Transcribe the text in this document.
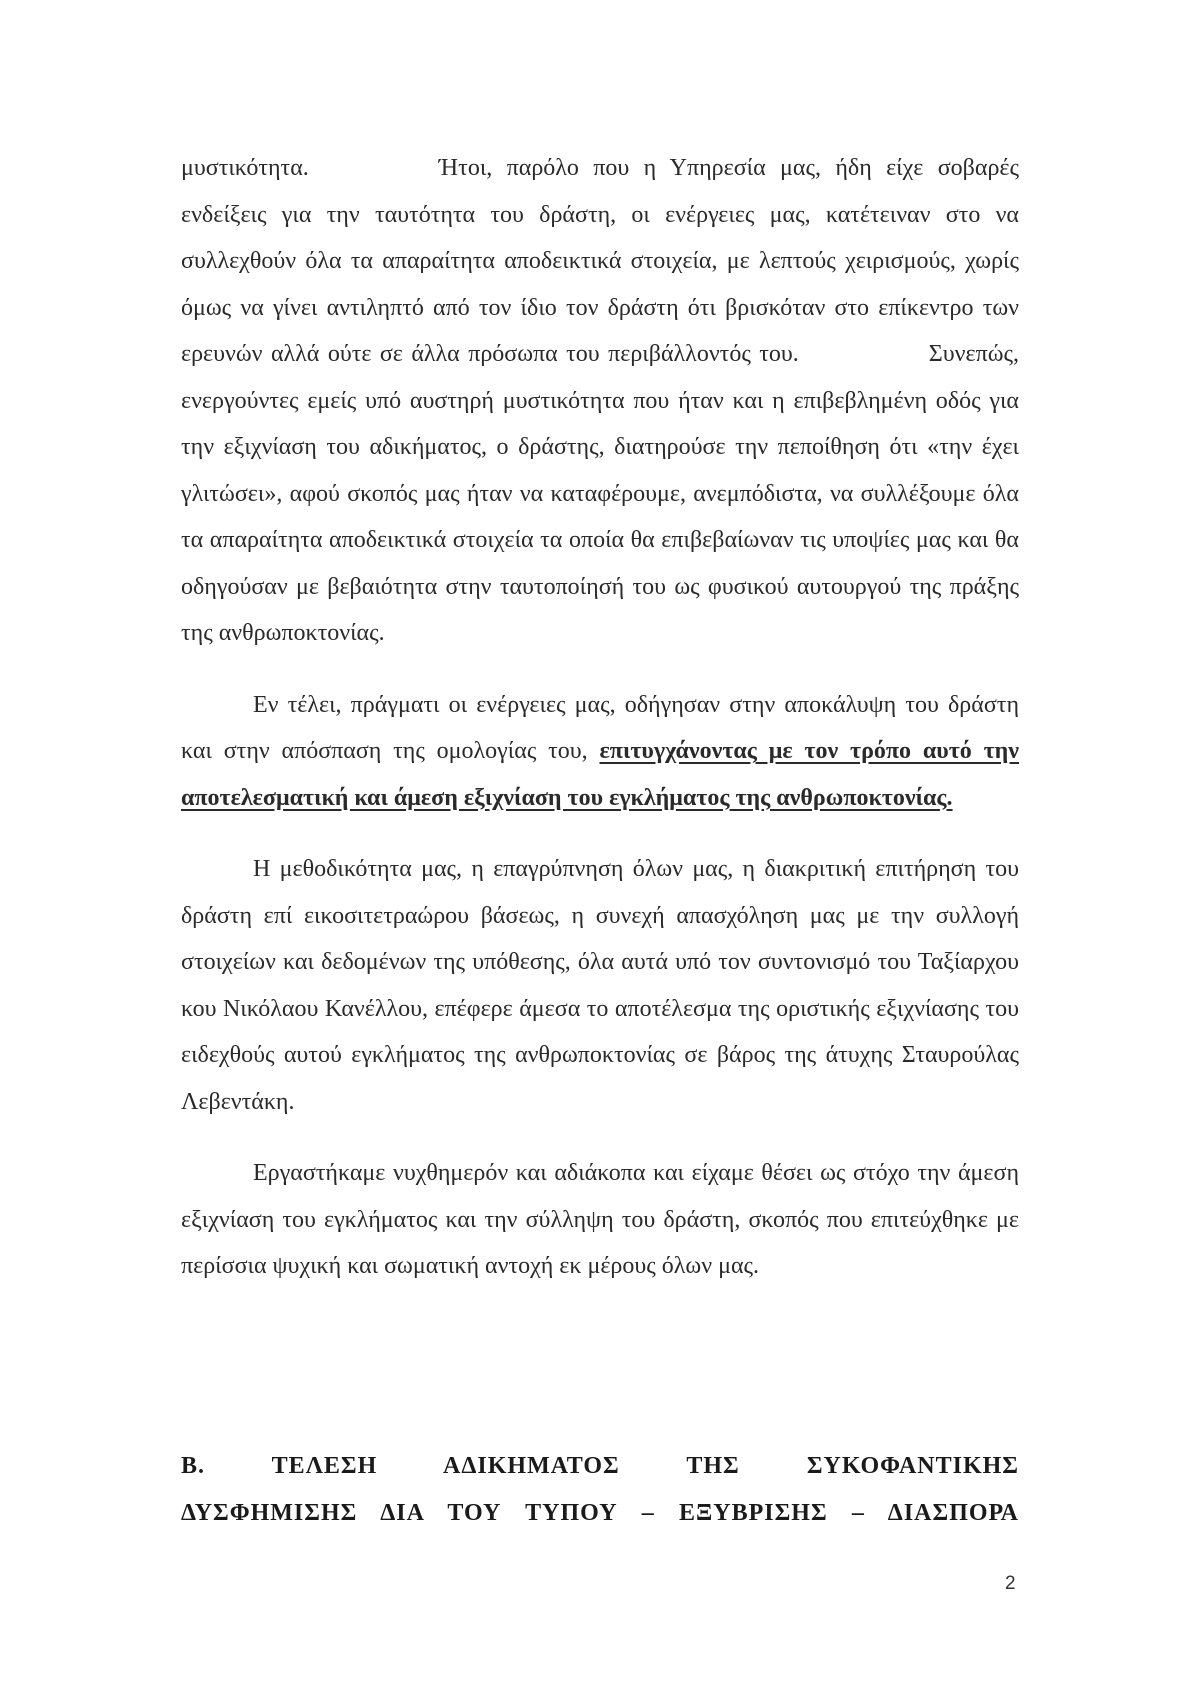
μυστικότητα.	Ήτοι, παρόλο που η Υπηρεσία μας, ήδη είχε σοβαρές ενδείξεις για την ταυτότητα του δράστη, οι ενέργειες μας, κατέτειναν στο να συλλεχθούν όλα τα απαραίτητα αποδεικτικά στοιχεία, με λεπτούς χειρισμούς, χωρίς όμως να γίνει αντιληπτό από τον ίδιο τον δράστη ότι βρισκόταν στο επίκεντρο των ερευνών αλλά ούτε σε άλλα πρόσωπα του περιβάλλοντός του.	Συνεπώς, ενεργούντες εμείς υπό αυστηρή μυστικότητα που ήταν και η επιβεβλημένη οδός για την εξιχνίαση του αδικήματος, ο δράστης, διατηρούσε την πεποίθηση ότι «την έχει γλιτώσει», αφού σκοπός μας ήταν να καταφέρουμε, ανεμπόδιστα, να συλλέξουμε όλα τα απαραίτητα αποδεικτικά στοιχεία τα οποία θα επιβεβαίωναν τις υποψίες μας και θα οδηγούσαν με βεβαιότητα στην ταυτοποίησή του ως φυσικού αυτουργού της πράξης της ανθρωποκτονίας.

Εν τέλει, πράγματι οι ενέργειες μας, οδήγησαν στην αποκάλυψη του δράστη και στην απόσπαση της ομολογίας του, επιτυγχάνοντας με τον τρόπο αυτό την αποτελεσματική και άμεση εξιχνίαση του εγκλήματος της ανθρωποκτονίας.

Η μεθοδικότητα μας, η επαγρύπνηση όλων μας, η διακριτική επιτήρηση του δράστη επί εικοσιτετραώρου βάσεως, η συνεχή απασχόληση μας με την συλλογή στοιχείων και δεδομένων της υπόθεσης, όλα αυτά υπό τον συντονισμό του Ταξίαρχου κου Νικόλαου Κανέλλου, επέφερε άμεσα το αποτέλεσμα της οριστικής εξιχνίασης του ειδεχθούς αυτού εγκλήματος της ανθρωποκτονίας σε βάρος της άτυχης Σταυρούλας Λεβεντάκη.

Εργαστήκαμε νυχθημερόν και αδιάκοπα και είχαμε θέσει ως στόχο την άμεση εξιχνίαση του εγκλήματος και την σύλληψη του δράστη, σκοπός που επιτεύχθηκε με περίσσια ψυχική και σωματική αντοχή εκ μέρους όλων μας.

Β. ΤΕΛΕΣΗ ΑΔΙΚΗΜΑΤΟΣ ΤΗΣ ΣΥΚΟΦΑΝΤΙΚΗΣ
ΔΥΣΦΗΜΙΣΗΣ ΔΙΑ ΤΟΥ ΤΥΠΟΥ – ΕΞΥΒΡΙΣΗΣ – ΔΙΑΣΠΟΡΑ
2
